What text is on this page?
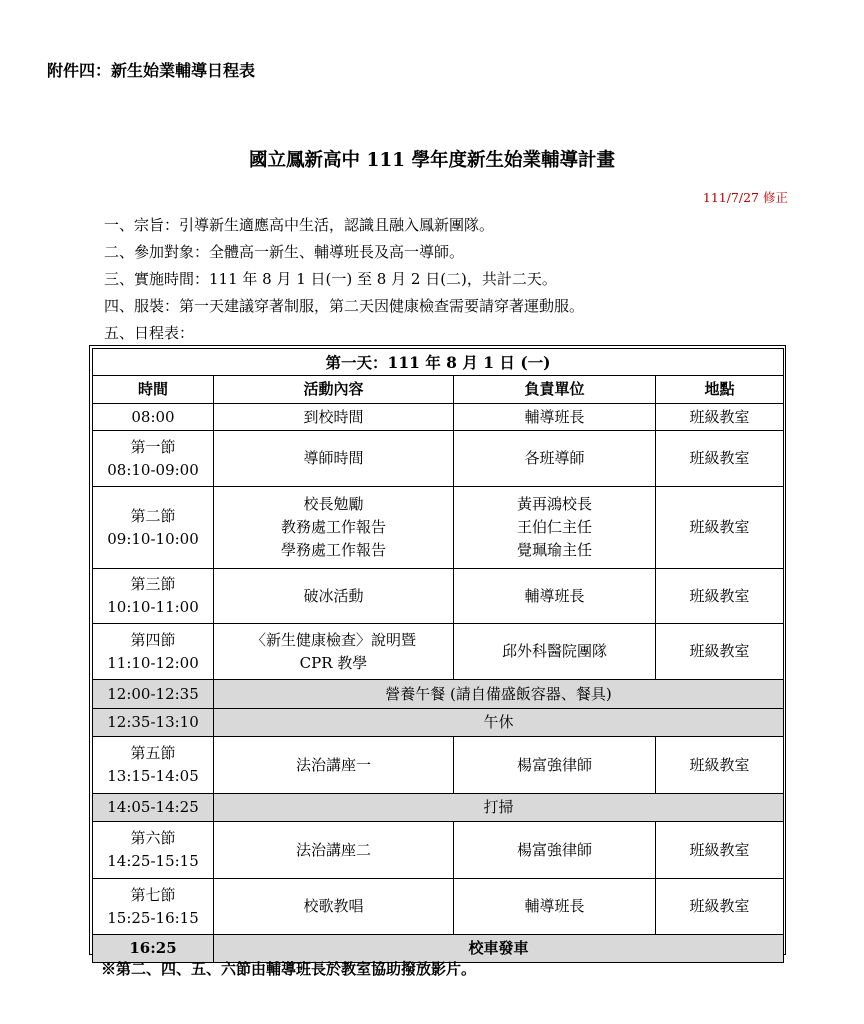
附件四：新生始業輔導日程表
國立鳳新高中 111 學年度新生始業輔導計畫
111/7/27 修正
一、宗旨：引導新生適應高中生活，認識且融入鳳新團隊。
二、參加對象：全體高一新生、輔導班長及高一導師。
三、實施時間：111 年 8 月 1 日(一) 至 8 月 2 日(二)，共計二天。
四、服裝：第一天建議穿著制服，第二天因健康檢查需要請穿著運動服。
五、日程表：
第一天：111 年 8 月 1 日 (一)			
時間	活動內容	負責單位	地點
08:00	到校時間	輔導班長	班級教室

第一節
08:10-09:00	導師時間	各班導師	班級教室

第二節
09:10-10:00	校長勉勵
教務處工作報告
學務處工作報告	黃再鴻校長
王伯仁主任
覺珮瑜主任	班級教室

第三節
10:10-11:00	破冰活動	輔導班長	班級教室

第四節
11:10-12:00	〈新生健康檢查〉說明暨
CPR 教學	邱外科醫院團隊	班級教室
12:00-12:35	營養午餐 (請自備盛飯容器、餐具)		
12:35-13:10	午休		

第五節
13:15-14:05	法治講座一	楊富強律師	班級教室
14:05-14:25	打掃		

第六節
14:25-15:15	法治講座二	楊富強律師	班級教室

第七節
15:25-16:15	校歌教唱	輔導班長	班級教室
16:25	校車發車		
※第二、四、五、六節由輔導班長於教室協助撥放影片。
